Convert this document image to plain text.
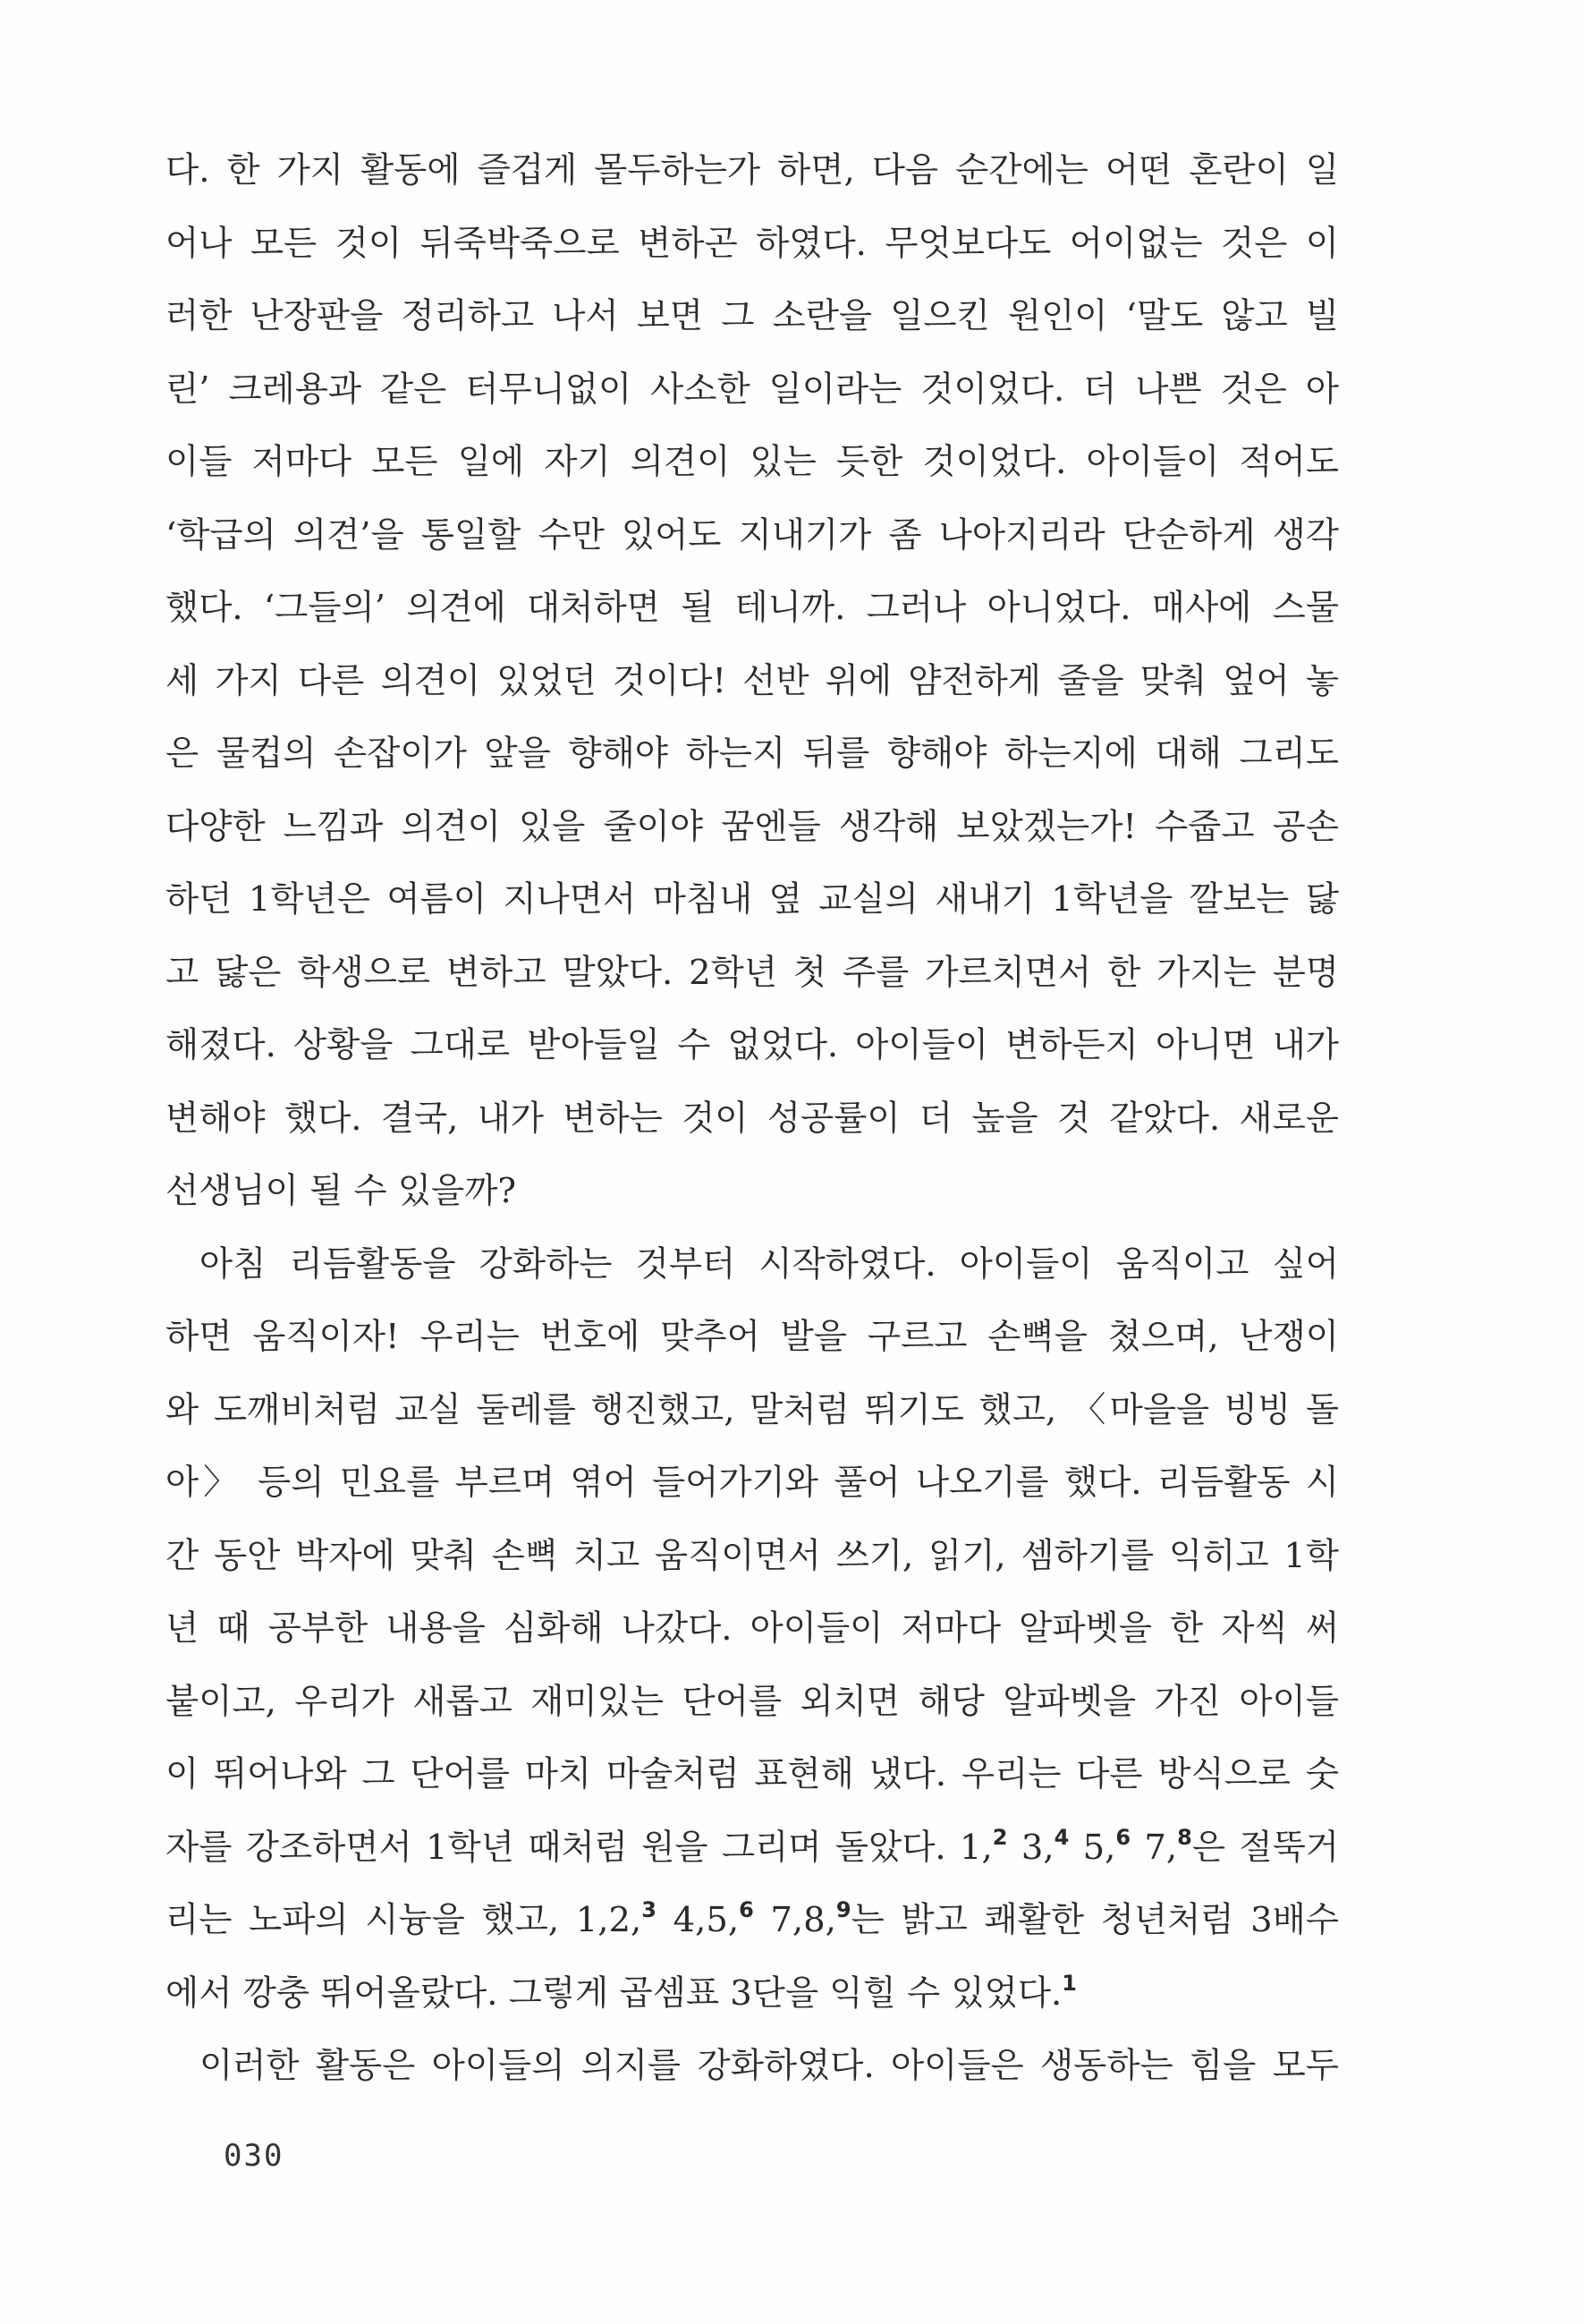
다. 한 가지 활동에 즐겁게 몰두하는가 하면, 다음 순간에는 어떤 혼란이 일
어나 모든 것이 뒤죽박죽으로 변하곤 하였다. 무엇보다도 어이없는 것은 이
러한 난장판을 정리하고 나서 보면 그 소란을 일으킨 원인이 ‘말도 않고 빌
린’ 크레용과 같은 터무니없이 사소한 일이라는 것이었다. 더 나쁜 것은 아
이들 저마다 모든 일에 자기 의견이 있는 듯한 것이었다. 아이들이 적어도
‘학급의 의견’을 통일할 수만 있어도 지내기가 좀 나아지리라 단순하게 생각
했다. ‘그들의’ 의견에 대처하면 될 테니까. 그러나 아니었다. 매사에 스물
세 가지 다른 의견이 있었던 것이다! 선반 위에 얌전하게 줄을 맞춰 엎어 놓
은 물컵의 손잡이가 앞을 향해야 하는지 뒤를 향해야 하는지에 대해 그리도
다양한 느낌과 의견이 있을 줄이야 꿈엔들 생각해 보았겠는가! 수줍고 공손
하던 1학년은 여름이 지나면서 마침내 옆 교실의 새내기 1학년을 깔보는 닳
고 닳은 학생으로 변하고 말았다. 2학년 첫 주를 가르치면서 한 가지는 분명
해졌다. 상황을 그대로 받아들일 수 없었다. 아이들이 변하든지 아니면 내가
변해야 했다. 결국, 내가 변하는 것이 성공률이 더 높을 것 같았다. 새로운
선생님이 될 수 있을까?
아침 리듬활동을 강화하는 것부터 시작하였다. 아이들이 움직이고 싶어
하면 움직이자! 우리는 번호에 맞추어 발을 구르고 손뼉을 쳤으며, 난쟁이
와 도깨비처럼 교실 둘레를 행진했고, 말처럼 뛰기도 했고, 〈마을을 빙빙 돌
아〉 등의 민요를 부르며 엮어 들어가기와 풀어 나오기를 했다. 리듬활동 시
간 동안 박자에 맞춰 손뼉 치고 움직이면서 쓰기, 읽기, 셈하기를 익히고 1학
년 때 공부한 내용을 심화해 나갔다. 아이들이 저마다 알파벳을 한 자씩 써
붙이고, 우리가 새롭고 재미있는 단어를 외치면 해당 알파벳을 가진 아이들
이 뛰어나와 그 단어를 마치 마술처럼 표현해 냈다. 우리는 다른 방식으로 숫
자를 강조하면서 1학년 때처럼 원을 그리며 돌았다. 1,$^2$ 3,$^4$ 5,$^6$ 7,$^8$은 절뚝거
리는 노파의 시늉을 했고, 1,2,$^3$ 4,5,$^6$ 7,8,$^9$는 밝고 쾌활한 청년처럼 3배수
에서 깡충 뛰어올랐다. 그렇게 곱셈표 3단을 익힐 수 있었다.$^1$
이러한 활동은 아이들의 의지를 강화하였다. 아이들은 생동하는 힘을 모두
030
